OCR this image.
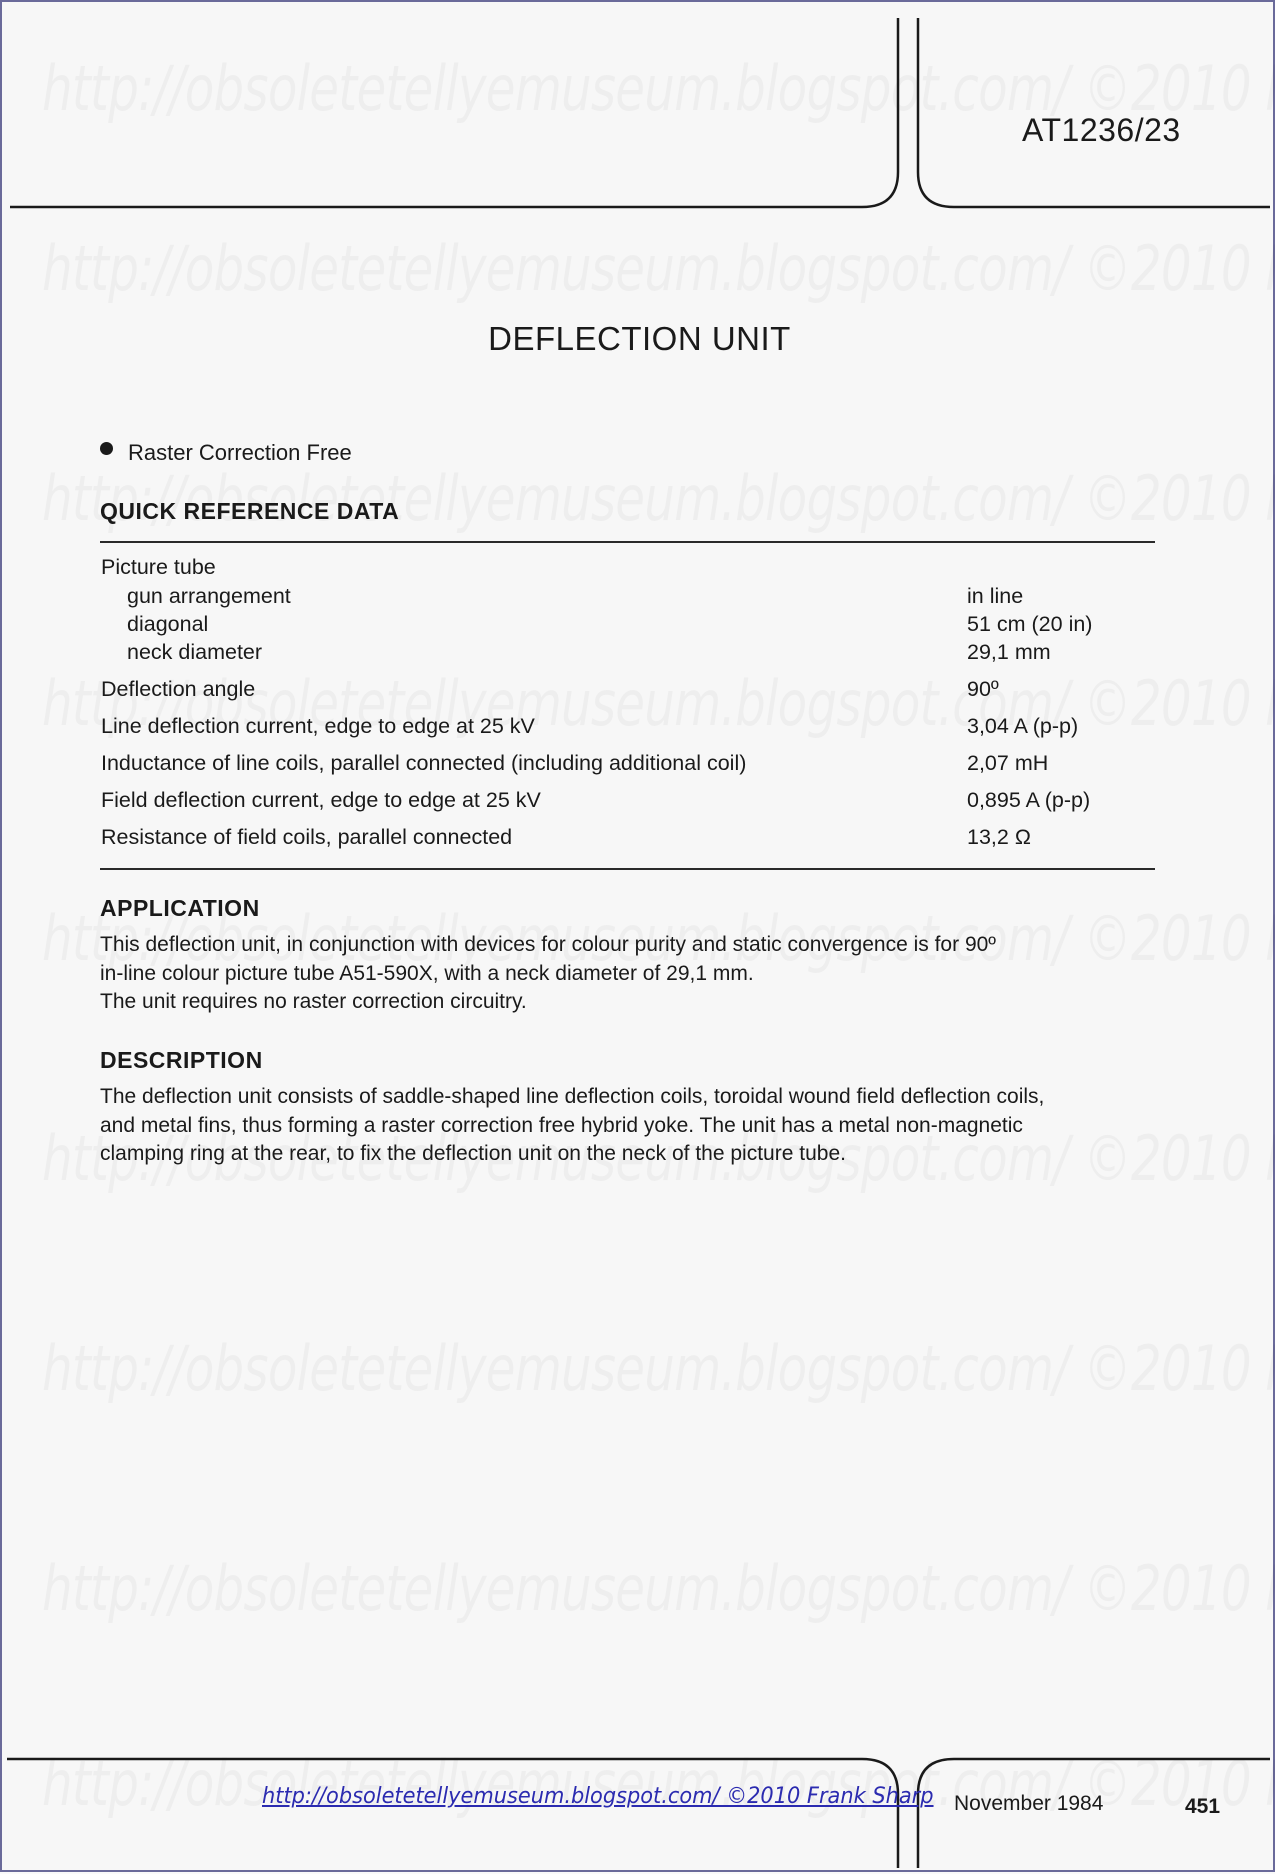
AT1236/23
DEFLECTION UNIT
Raster Correction Free
QUICK REFERENCE DATA
Picture tube
gun arrangement	in line
diagonal	51 cm (20 in)
neck diameter	29,1 mm
Deflection angle	90º
Line deflection current, edge to edge at 25 kV	3,04 A (p-p)
Inductance of line coils, parallel connected (including additional coil)	2,07 mH
Field deflection current, edge to edge at 25 kV	0,895 A (p-p)
Resistance of field coils, parallel connected	13,2 Ω
APPLICATION

This deflection unit, in conjunction with devices for colour purity and static convergence is for 90º

in-line colour picture tube A51-590X, with a neck diameter of 29,1 mm.

The unit requires no raster correction circuitry.

DESCRIPTION

The deflection unit consists of saddle-shaped line deflection coils, toroidal wound field deflection coils,

and metal fins, thus forming a raster correction free hybrid yoke. The unit has a metal non-magnetic

clamping ring at the rear, to fix the deflection unit on the neck of the picture tube.

http://obsoletetellyemuseum.blogspot.com/ ©2010 Frank Sharp November 1984	451
